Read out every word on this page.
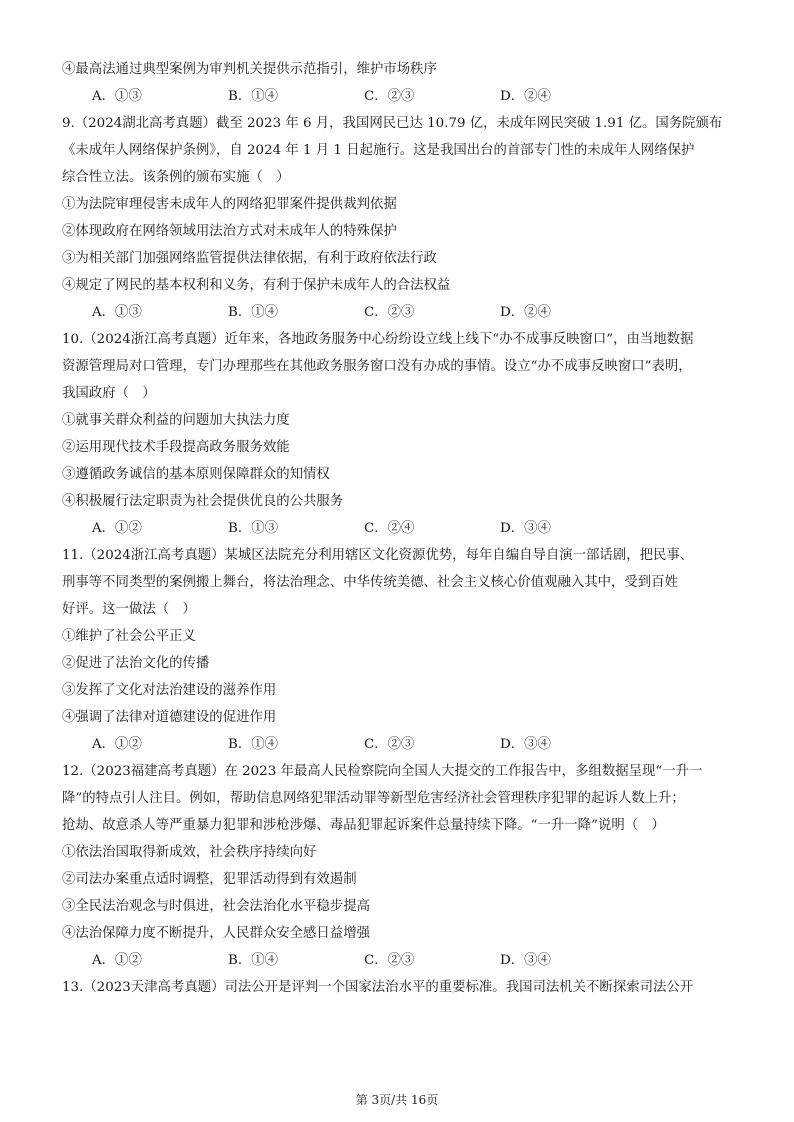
④最高法通过典型案例为审判机关提供示范指引，维护市场秩序
A．①③	B．①④	C．②③	D．②④
9.（2024湖北高考真题）截至 2023 年 6 月，我国网民已达 10.79 亿，未成年网民突破 1.91 亿。国务院颁布
《未成年人网络保护条例》，自 2024 年 1 月 1 日起施行。这是我国出台的首部专门性的未成年人网络保护
综合性立法。该条例的颁布实施（　）
①为法院审理侵害未成年人的网络犯罪案件提供裁判依据
②体现政府在网络领域用法治方式对未成年人的特殊保护
③为相关部门加强网络监管提供法律依据，有利于政府依法行政
④规定了网民的基本权利和义务，有利于保护未成年人的合法权益
A．①③	B．①④	C．②③	D．②④
10.（2024浙江高考真题）近年来，各地政务服务中心纷纷设立线上线下“办不成事反映窗口”，由当地数据
资源管理局对口管理，专门办理那些在其他政务服务窗口没有办成的事情。设立“办不成事反映窗口”表明，
我国政府（　）
①就事关群众利益的问题加大执法力度
②运用现代技术手段提高政务服务效能
③遵循政务诚信的基本原则保障群众的知情权
④积极履行法定职责为社会提供优良的公共服务
A．①②	B．①③	C．②④	D．③④
11.（2024浙江高考真题）某城区法院充分利用辖区文化资源优势，每年自编自导自演一部话剧，把民事、
刑事等不同类型的案例搬上舞台，将法治理念、中华传统美德、社会主义核心价值观融入其中，受到百姓
好评。这一做法（　）
①维护了社会公平正义
②促进了法治文化的传播
③发挥了文化对法治建设的滋养作用
④强调了法律对道德建设的促进作用
A．①②	B．①④	C．②③	D．③④
12.（2023福建高考真题）在 2023 年最高人民检察院向全国人大提交的工作报告中，多组数据呈现“一升一
降”的特点引人注目。例如，帮助信息网络犯罪活动罪等新型危害经济社会管理秩序犯罪的起诉人数上升；
抢劫、故意杀人等严重暴力犯罪和涉枪涉爆、毒品犯罪起诉案件总量持续下降。“一升一降”说明（　）
①依法治国取得新成效，社会秩序持续向好
②司法办案重点适时调整，犯罪活动得到有效遏制
③全民法治观念与时俱进，社会法治化水平稳步提高
④法治保障力度不断提升，人民群众安全感日益增强
A．①②	B．①④	C．②③	D．③④
13.（2023天津高考真题）司法公开是评判一个国家法治水平的重要标准。我国司法机关不断探索司法公开
第 3页/共 16页
